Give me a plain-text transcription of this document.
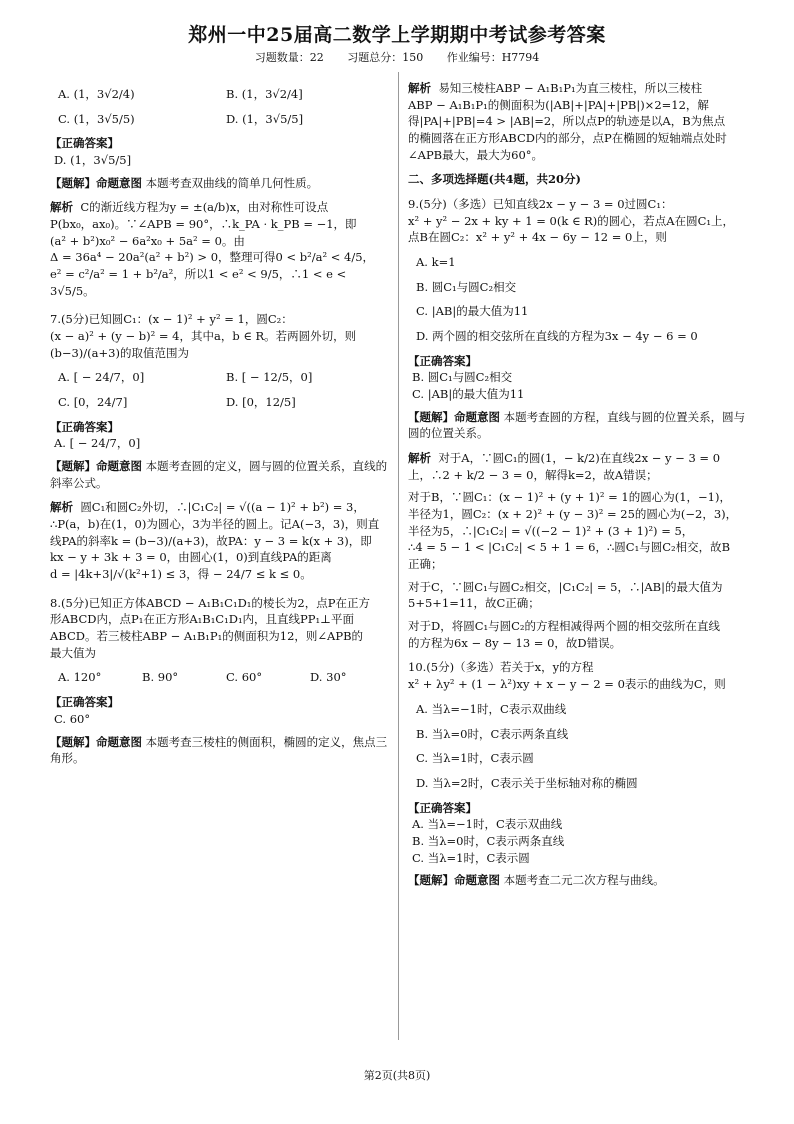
郑州一中25届高二数学上学期期中考试参考答案
习题数量：22 习题总分：150 作业编号：H7794
A. (1，3√2/4)	B. (1，3√2/4]
C. (1，3√5/5)	D. (1，3√5/5]
【正确答案】
D. (1，3√5/5]
【题解】命题意图 本题考查双曲线的简单几何性质。
解析 C的渐近线方程为y = ±(a/b)x，由对称性可设点
P(bx₀，ax₀)。∵∠APB = 90°，∴k_PA · k_PB = −1，即
(a² + b²)x₀² − 6a²x₀ + 5a² = 0。由
Δ = 36a⁴ − 20a²(a² + b²) > 0，整理可得0 < b²/a² < 4/5，
e² = c²/a² = 1 + b²/a²，所以1 < e² < 9/5，∴1 < e < 3√5/5。
7.(5分)已知圆C₁：(x − 1)² + y² = 1，圆C₂：
(x − a)² + (y − b)² = 4，其中a，b ∈ R。若两圆外切，则
(b−3)/(a+3)的取值范围为
A. [ − 24/7，0]	B. [ − 12/5，0]
C. [0，24/7]	D. [0，12/5]
【正确答案】
A. [ − 24/7，0]
【题解】命题意图 本题考查圆的定义，圆与圆的位置关系，直线的斜率公式。
解析 圆C₁和圆C₂外切，∴|C₁C₂| = √((a − 1)² + b²) = 3，
∴P(a，b)在(1，0)为圆心，3为半径的圆上。记A(−3，3)，则直
线PA的斜率k = (b−3)/(a+3)，故PA：y − 3 = k(x + 3)，即
kx − y + 3k + 3 = 0，由圆心(1，0)到直线PA的距离
d = |4k+3|/√(k²+1) ≤ 3，得 − 24/7 ≤ k ≤ 0。
8.(5分)已知正方体ABCD − A₁B₁C₁D₁的棱长为2，点P在正方
形ABCD内，点P₁在正方形A₁B₁C₁D₁内，且直线PP₁⊥平面
ABCD。若三棱柱ABP − A₁B₁P₁的侧面积为12，则∠APB的
最大值为
A. 120°	B. 90°	C. 60°	D. 30°
【正确答案】
C. 60°
【题解】命题意图 本题考查三棱柱的侧面积，椭圆的定义，焦点三角形。
解析 易知三棱柱ABP − A₁B₁P₁为直三棱柱，所以三棱柱
ABP − A₁B₁P₁的侧面积为(|AB|+|PA|+|PB|)×2=12，解
得|PA|+|PB|=4 > |AB|=2，所以点P的轨迹是以A，B为焦点
的椭圆落在正方形ABCD内的部分，点P在椭圆的短轴端点处时
∠APB最大，最大为60°。
二、多项选择题(共4题，共20分)
9.(5分)（多选）已知直线2x − y − 3 = 0过圆C₁：
x² + y² − 2x + ky + 1 = 0(k ∈ R)的圆心，若点A在圆C₁上，
点B在圆C₂：x² + y² + 4x − 6y − 12 = 0上，则
A. k=1
B. 圆C₁与圆C₂相交
C. |AB|的最大值为11
D. 两个圆的相交弦所在直线的方程为3x − 4y − 6 = 0
【正确答案】
B. 圆C₁与圆C₂相交
C. |AB|的最大值为11
【题解】命题意图 本题考查圆的方程，直线与圆的位置关系，圆与圆的位置关系。
解析 对于A，∵圆C₁的圆(1，− k/2)在直线2x − y − 3 = 0
上，∴2 + k/2 − 3 = 0，解得k=2，故A错误；
对于B，∵圆C₁：(x − 1)² + (y + 1)² = 1的圆心为(1，−1)，
半径为1，圆C₂：(x + 2)² + (y − 3)² = 25的圆心为(−2，3)，
半径为5，∴|C₁C₂| = √((−2 − 1)² + (3 + 1)²) = 5，
∴4 = 5 − 1 < |C₁C₂| < 5 + 1 = 6，∴圆C₁与圆C₂相交，故B
正确；
对于C，∵圆C₁与圆C₂相交，|C₁C₂| = 5，∴|AB|的最大值为
5+5+1=11，故C正确；
对于D，将圆C₁与圆C₂的方程相减得两个圆的相交弦所在直线
的方程为6x − 8y − 13 = 0，故D错误。
10.(5分)（多选）若关于x，y的方程
x² + λy² + (1 − λ²)xy + x − y − 2 = 0表示的曲线为C，则
A. 当λ=−1时，C表示双曲线
B. 当λ=0时，C表示两条直线
C. 当λ=1时，C表示圆
D. 当λ=2时，C表示关于坐标轴对称的椭圆
【正确答案】
A. 当λ=−1时，C表示双曲线
B. 当λ=0时，C表示两条直线
C. 当λ=1时，C表示圆
【题解】命题意图 本题考查二元二次方程与曲线。
第2页(共8页)
